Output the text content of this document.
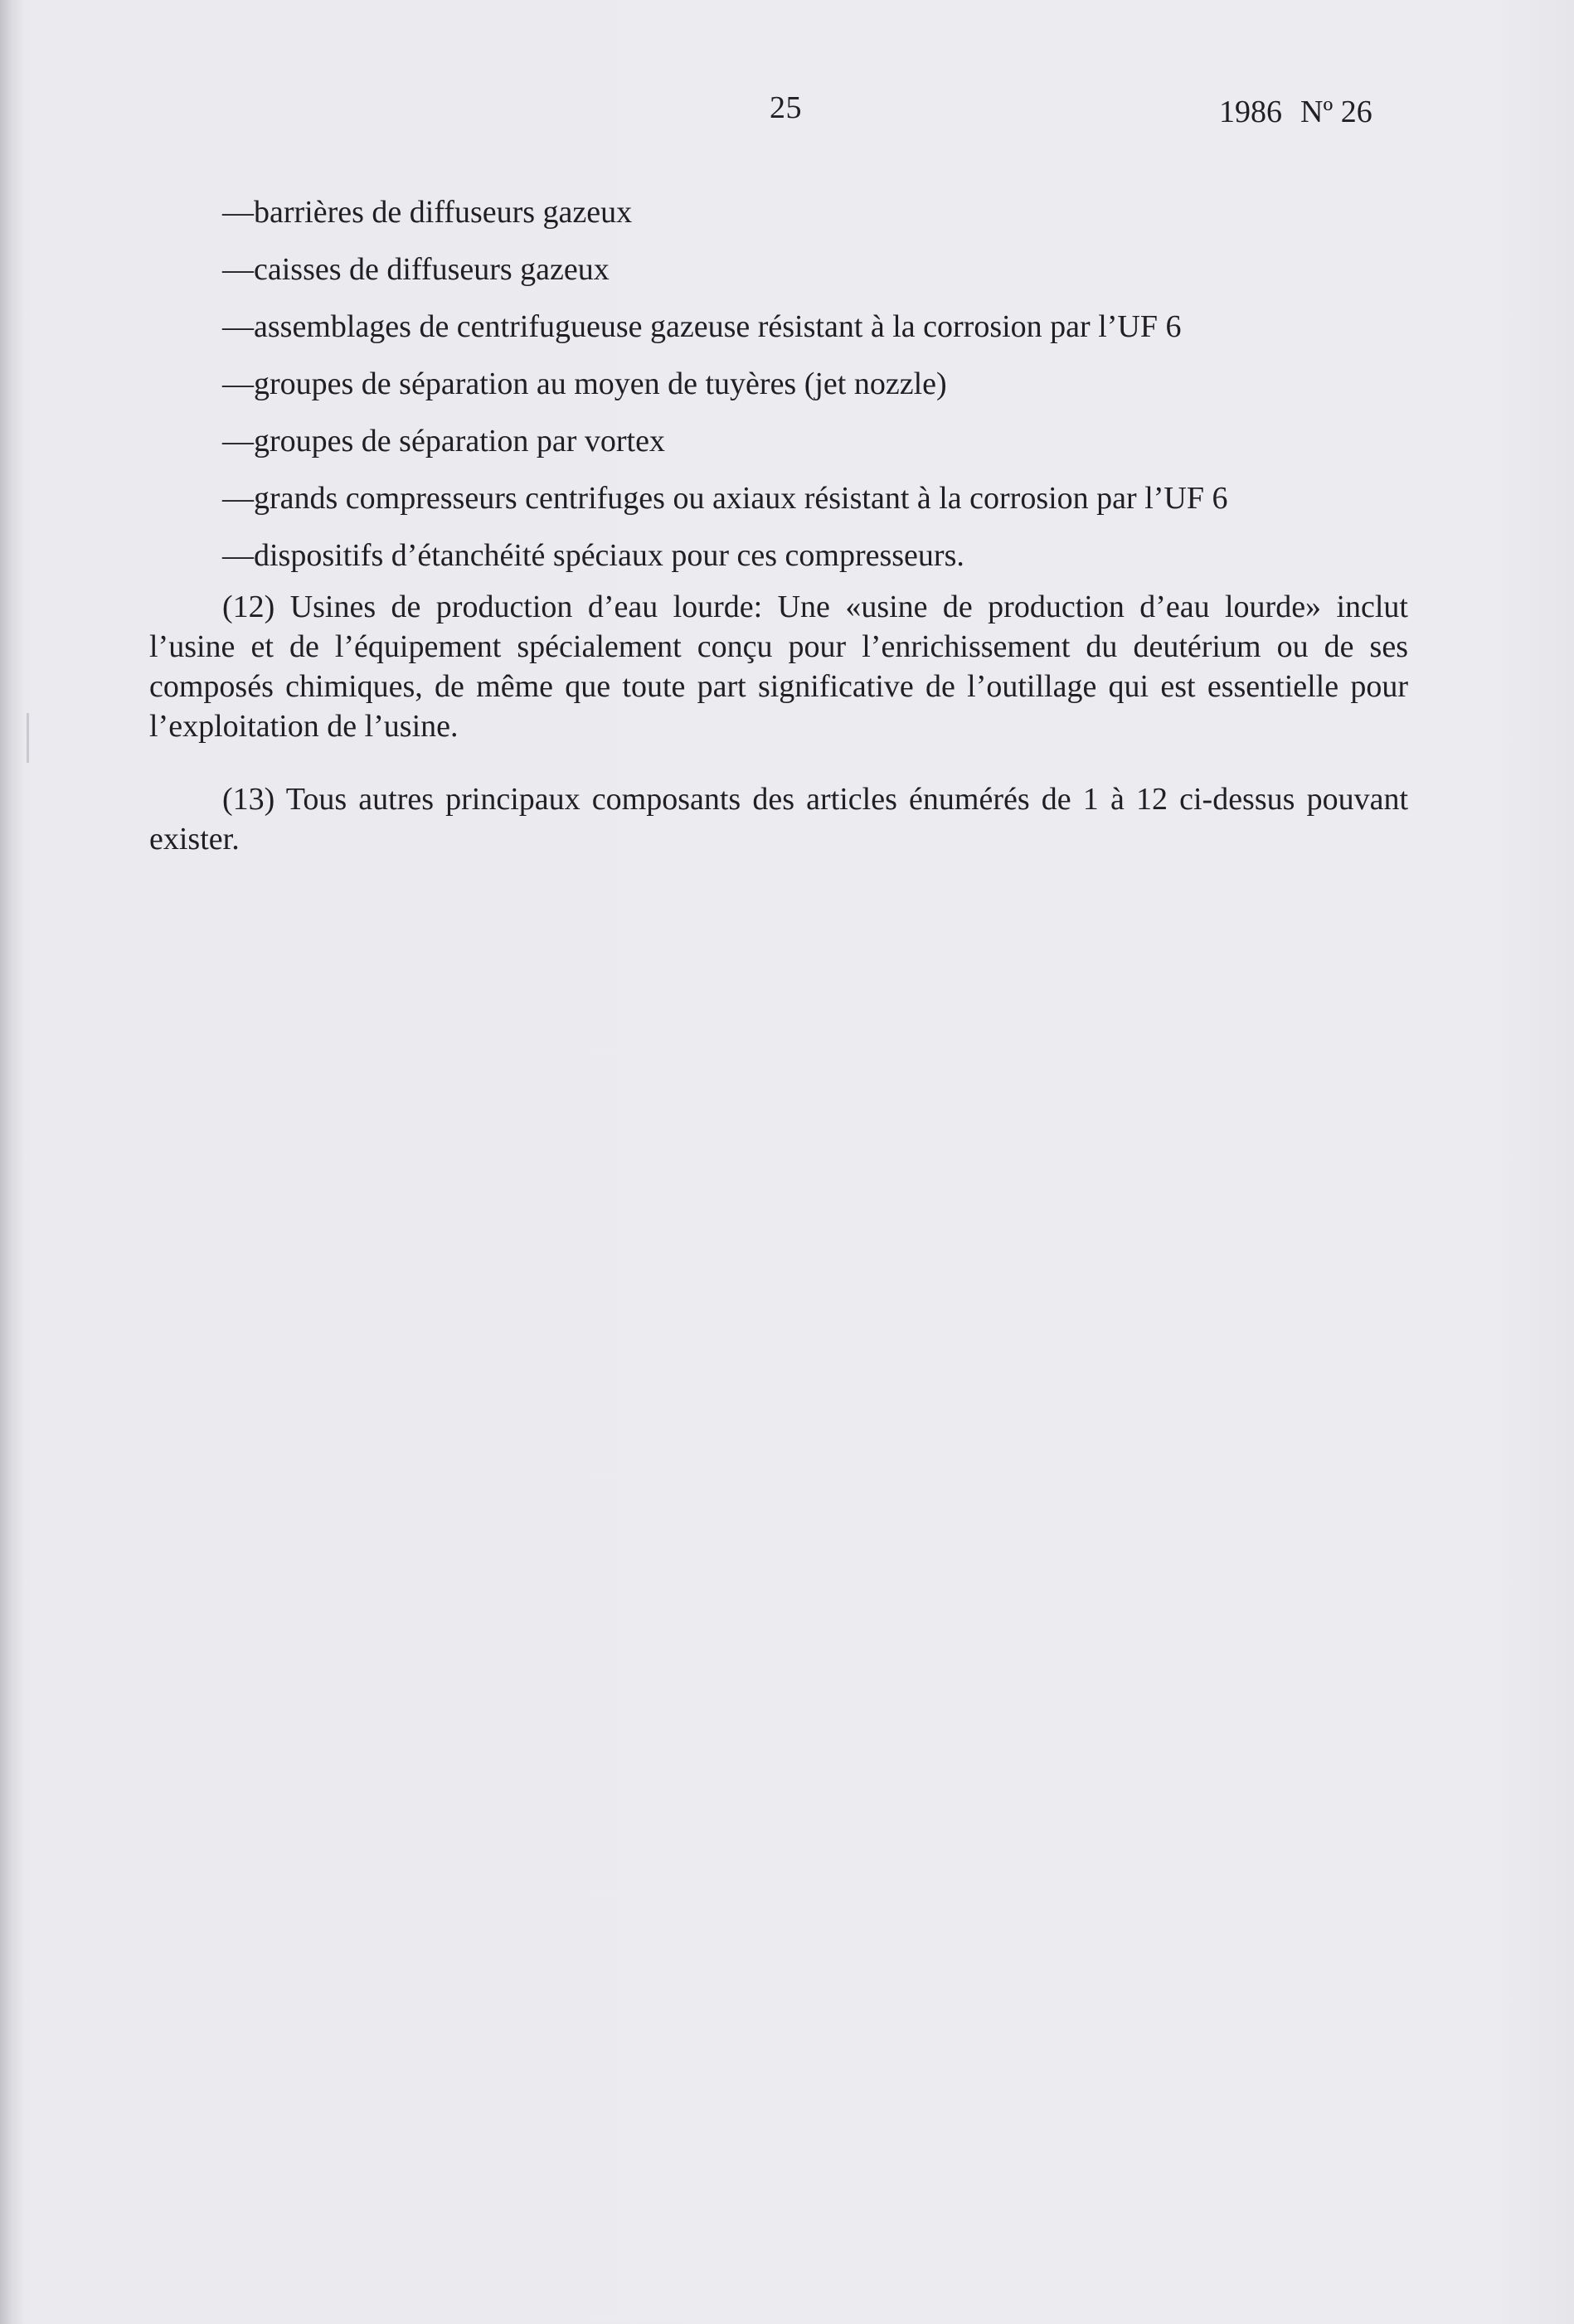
25	1986 Nº 26
—barrières de diffuseurs gazeux
—caisses de diffuseurs gazeux
—assemblages de centrifugueuse gazeuse résistant à la corrosion par l’UF 6
—groupes de séparation au moyen de tuyères (jet nozzle)
—groupes de séparation par vortex
—grands compresseurs centrifuges ou axiaux résistant à la corrosion par l’UF 6
—dispositifs d’étanchéité spéciaux pour ces compresseurs.

(12) Usines de production d’eau lourde: Une «usine de production d’eau lourde» inclut l’usine et de l’équipement spécialement conçu pour l’enrichissement du deutérium ou de ses composés chimiques, de même que toute part significative de l’outillage qui est essentielle pour l’exploitation de l’usine.

(13) Tous autres principaux composants des articles énumérés de 1 à 12 ci-dessus pouvant exister.
